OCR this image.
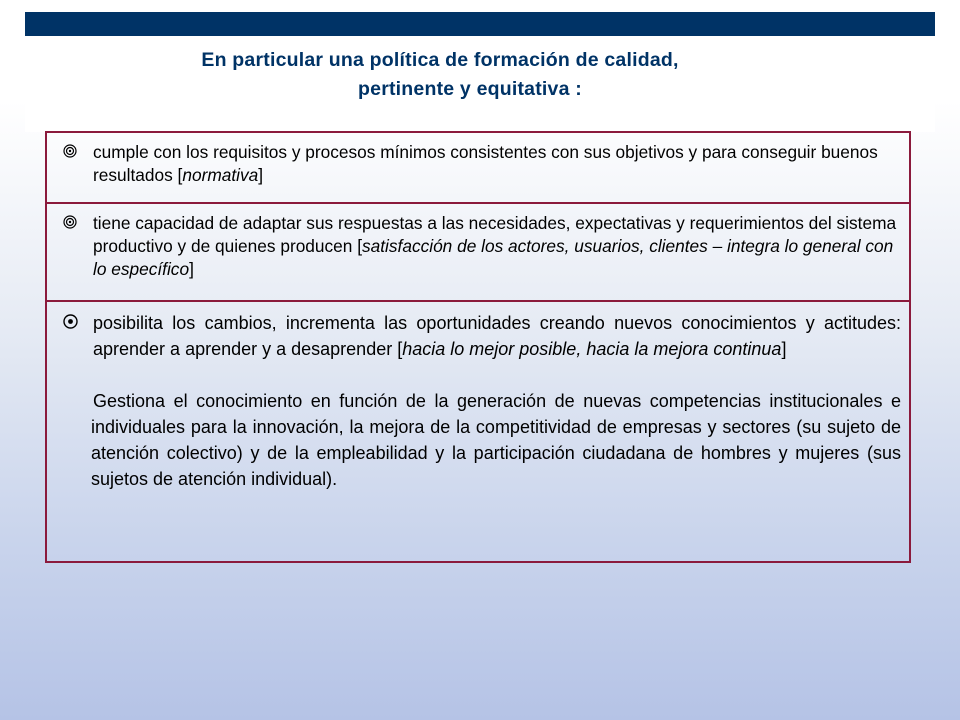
En particular una política de formación de calidad,
pertinente y equitativa :

cumple con los requisitos y procesos mínimos consistentes con sus objetivos y para conseguir buenos resultados [normativa]

tiene capacidad de adaptar sus respuestas a las necesidades, expectativas y requerimientos del sistema productivo y de quienes producen [satisfacción de los actores, usuarios, clientes – integra lo general con lo específico]

posibilita los cambios, incrementa las oportunidades creando nuevos conocimientos y actitudes: aprender a aprender y a desaprender [hacia lo mejor posible, hacia la mejora continua]

Gestiona el conocimiento en función de la generación de nuevas competencias institucionales e individuales para la innovación, la mejora de la competitividad de empresas y sectores (su sujeto de atención colectivo) y de la empleabilidad y la participación ciudadana de hombres y mujeres (sus sujetos de atención individual).
